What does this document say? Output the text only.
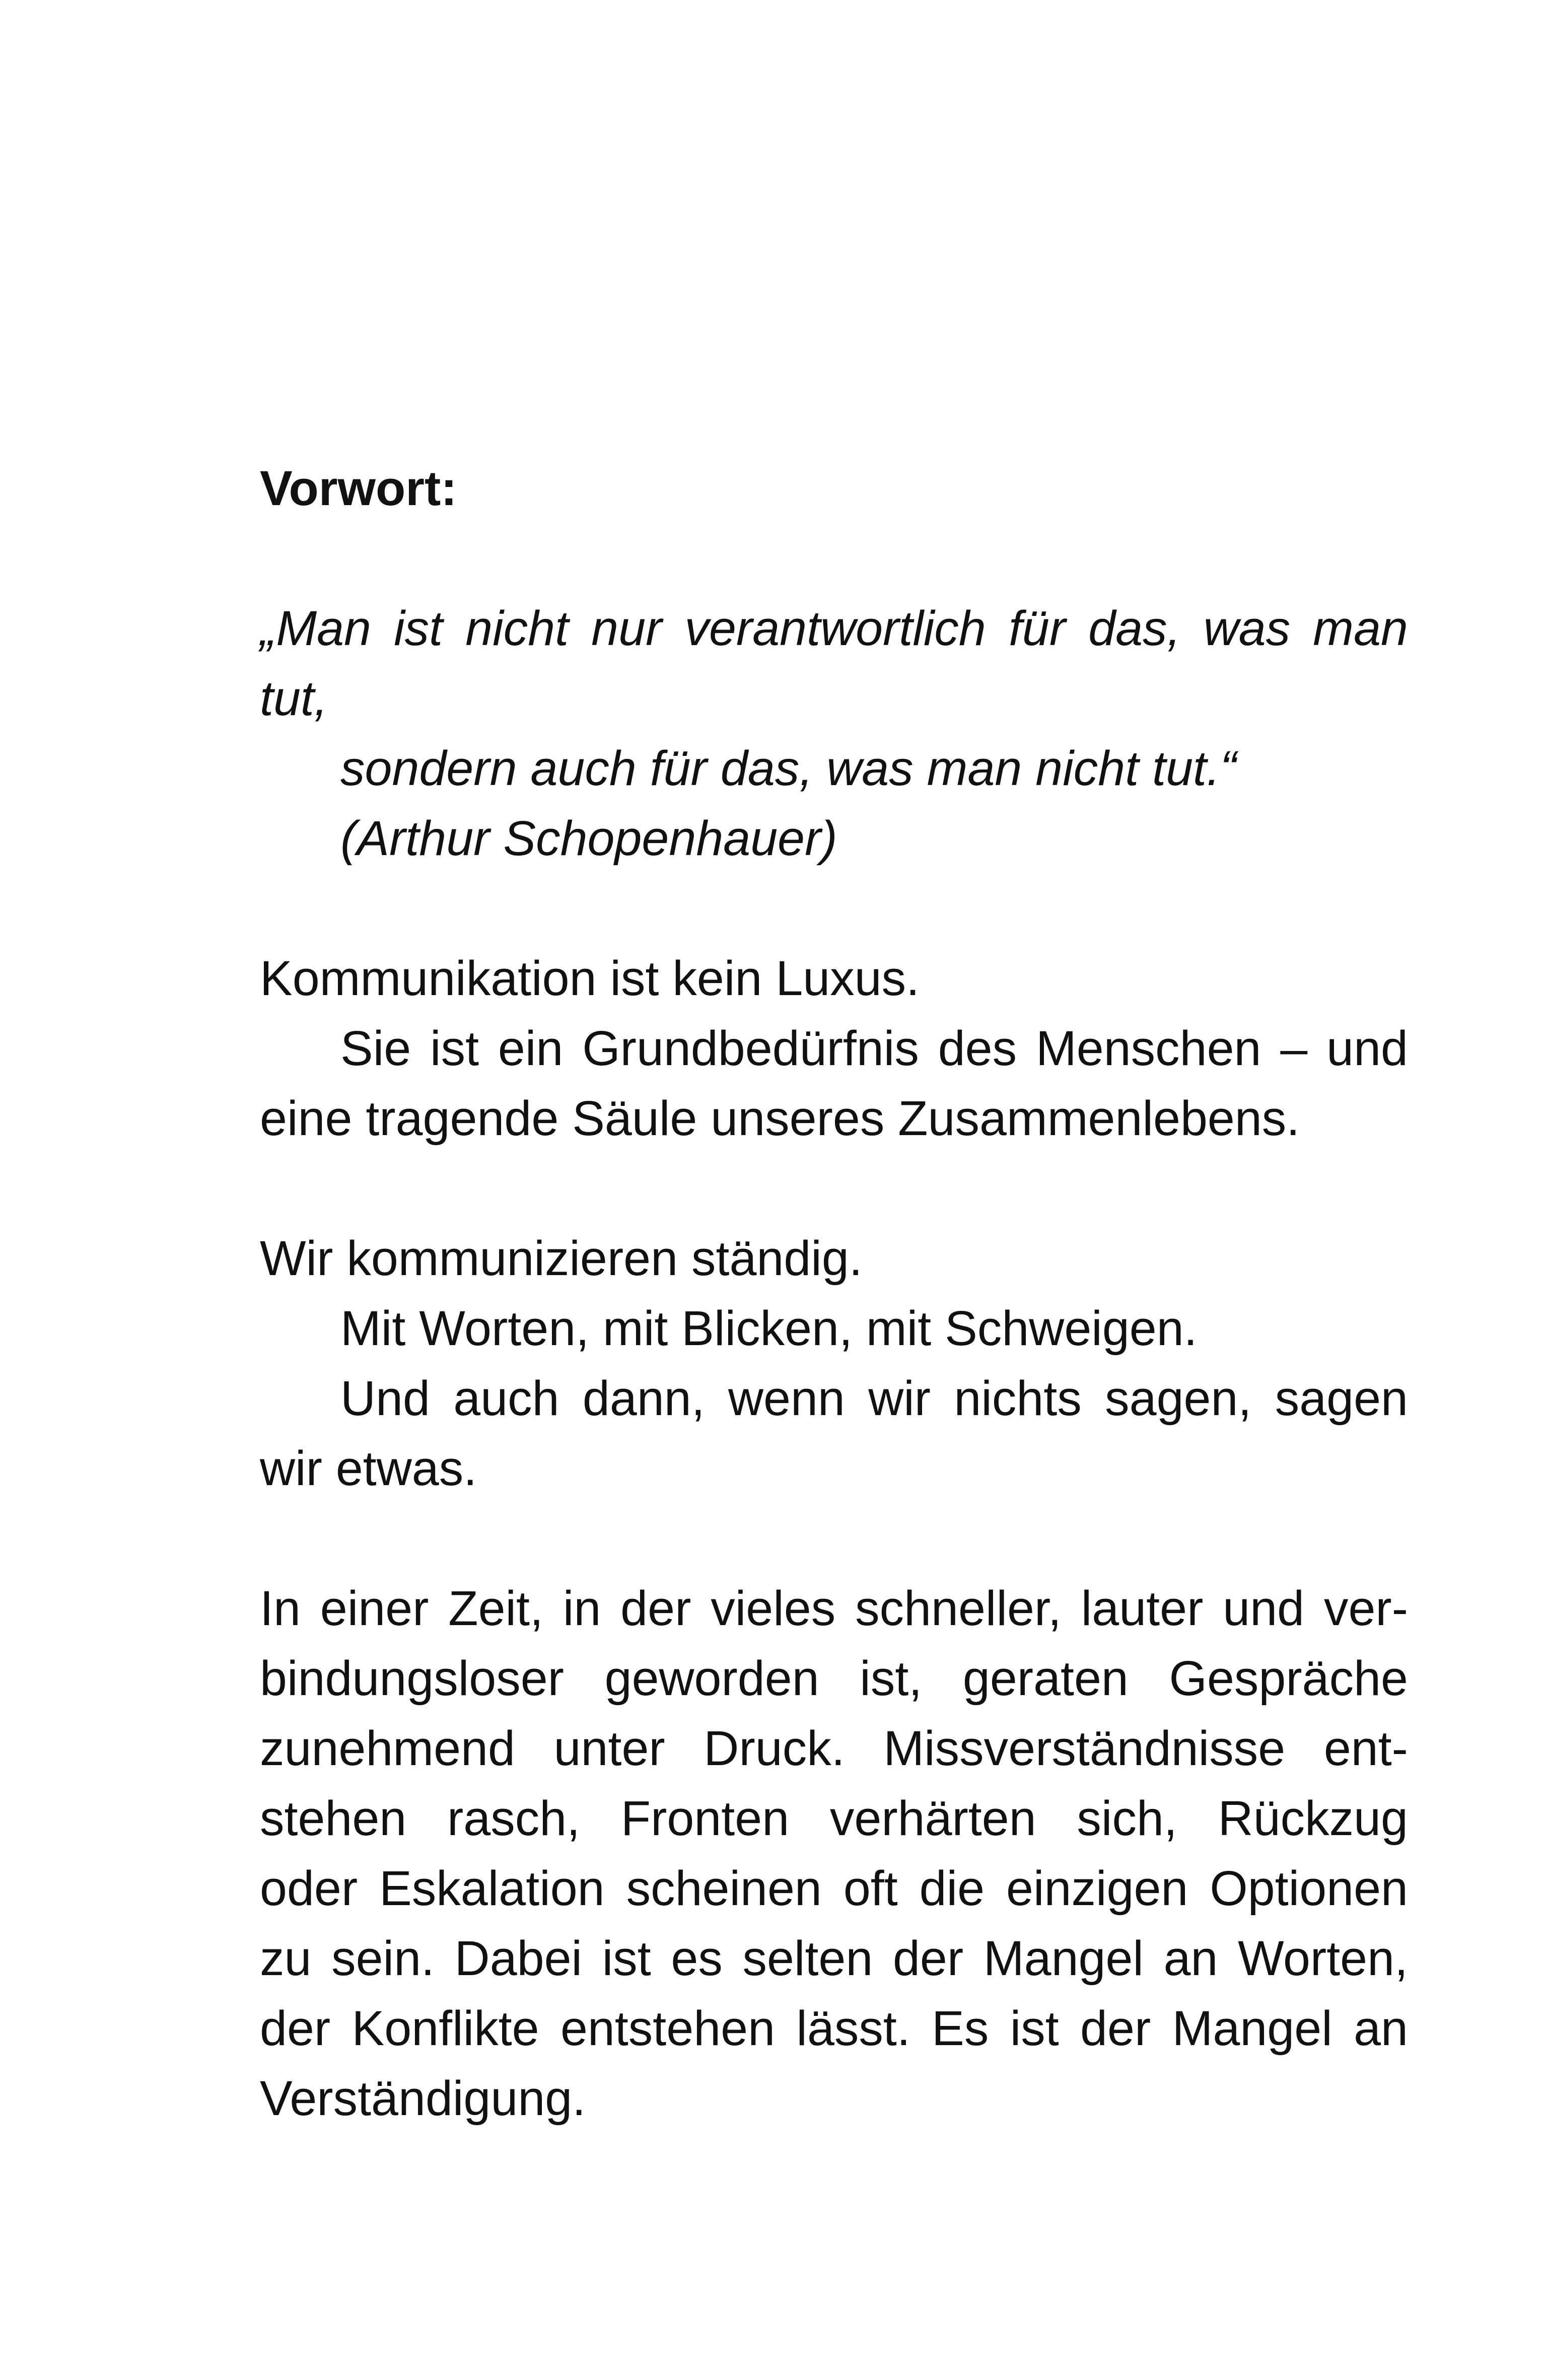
Vorwort:
„Man ist nicht nur verantwortlich für das, was man
tut,
sondern auch für das, was man nicht tut.“
(Arthur Schopenhauer)
Kommunikation ist kein Luxus.
Sie ist ein Grundbedürfnis des Menschen – und
eine tragende Säule unseres Zusammenlebens.
Wir kommunizieren ständig.
Mit Worten, mit Blicken, mit Schweigen.
Und auch dann, wenn wir nichts sagen, sagen
wir etwas.
In einer Zeit, in der vieles schneller, lauter und ver-
bindungsloser geworden ist, geraten Gespräche
zunehmend unter Druck. Missverständnisse ent-
stehen rasch, Fronten verhärten sich, Rückzug
oder Eskalation scheinen oft die einzigen Optionen
zu sein. Dabei ist es selten der Mangel an Worten,
der Konflikte entstehen lässt. Es ist der Mangel an
Verständigung.
